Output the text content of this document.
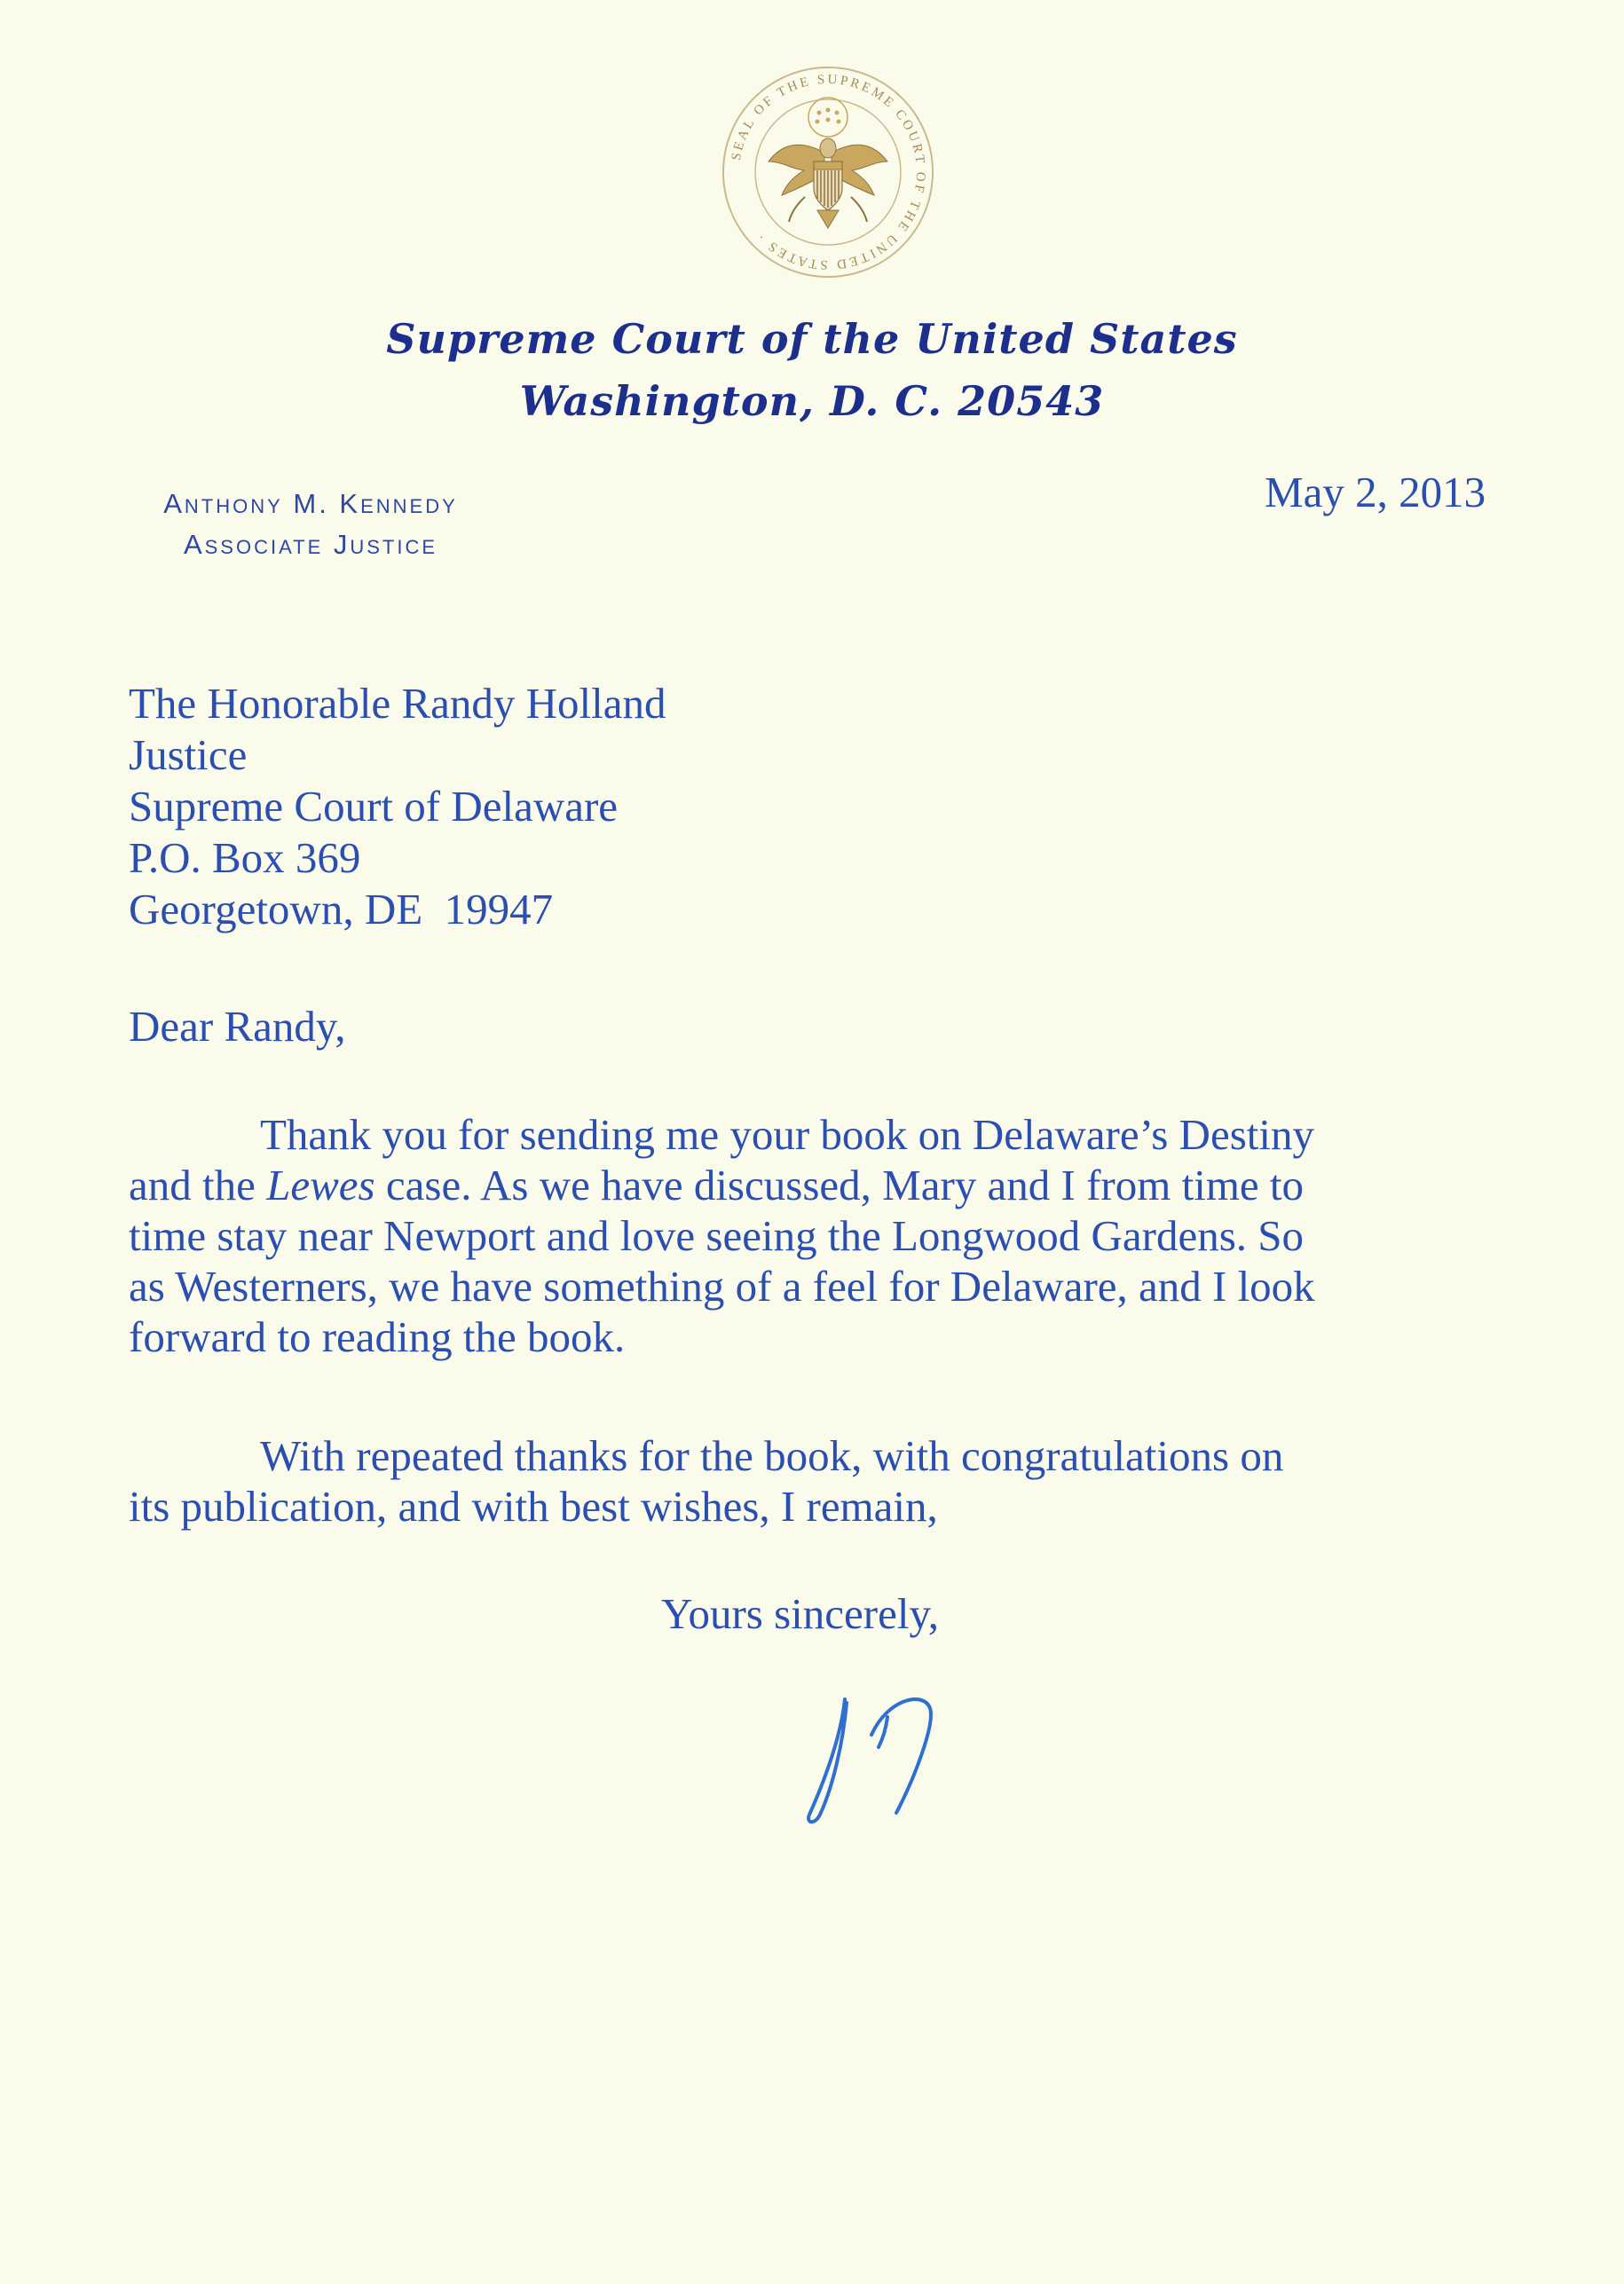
SEAL OF THE SUPREME COURT OF THE UNITED STATES ·
Supreme Court of the United States
Washington, D. C. 20543
Anthony M. Kennedy
Associate Justice
May 2, 2013
The Honorable Randy Holland
Justice
Supreme Court of Delaware
P.O. Box 369
Georgetown, DE  19947
Dear Randy,
Thank you for sending me your book on Delaware’s Destiny
and the Lewes case. As we have discussed, Mary and I from time to
time stay near Newport and love seeing the Longwood Gardens. So
as Westerners, we have something of a feel for Delaware, and I look
forward to reading the book.
With repeated thanks for the book, with congratulations on
its publication, and with best wishes, I remain,
Yours sincerely,
